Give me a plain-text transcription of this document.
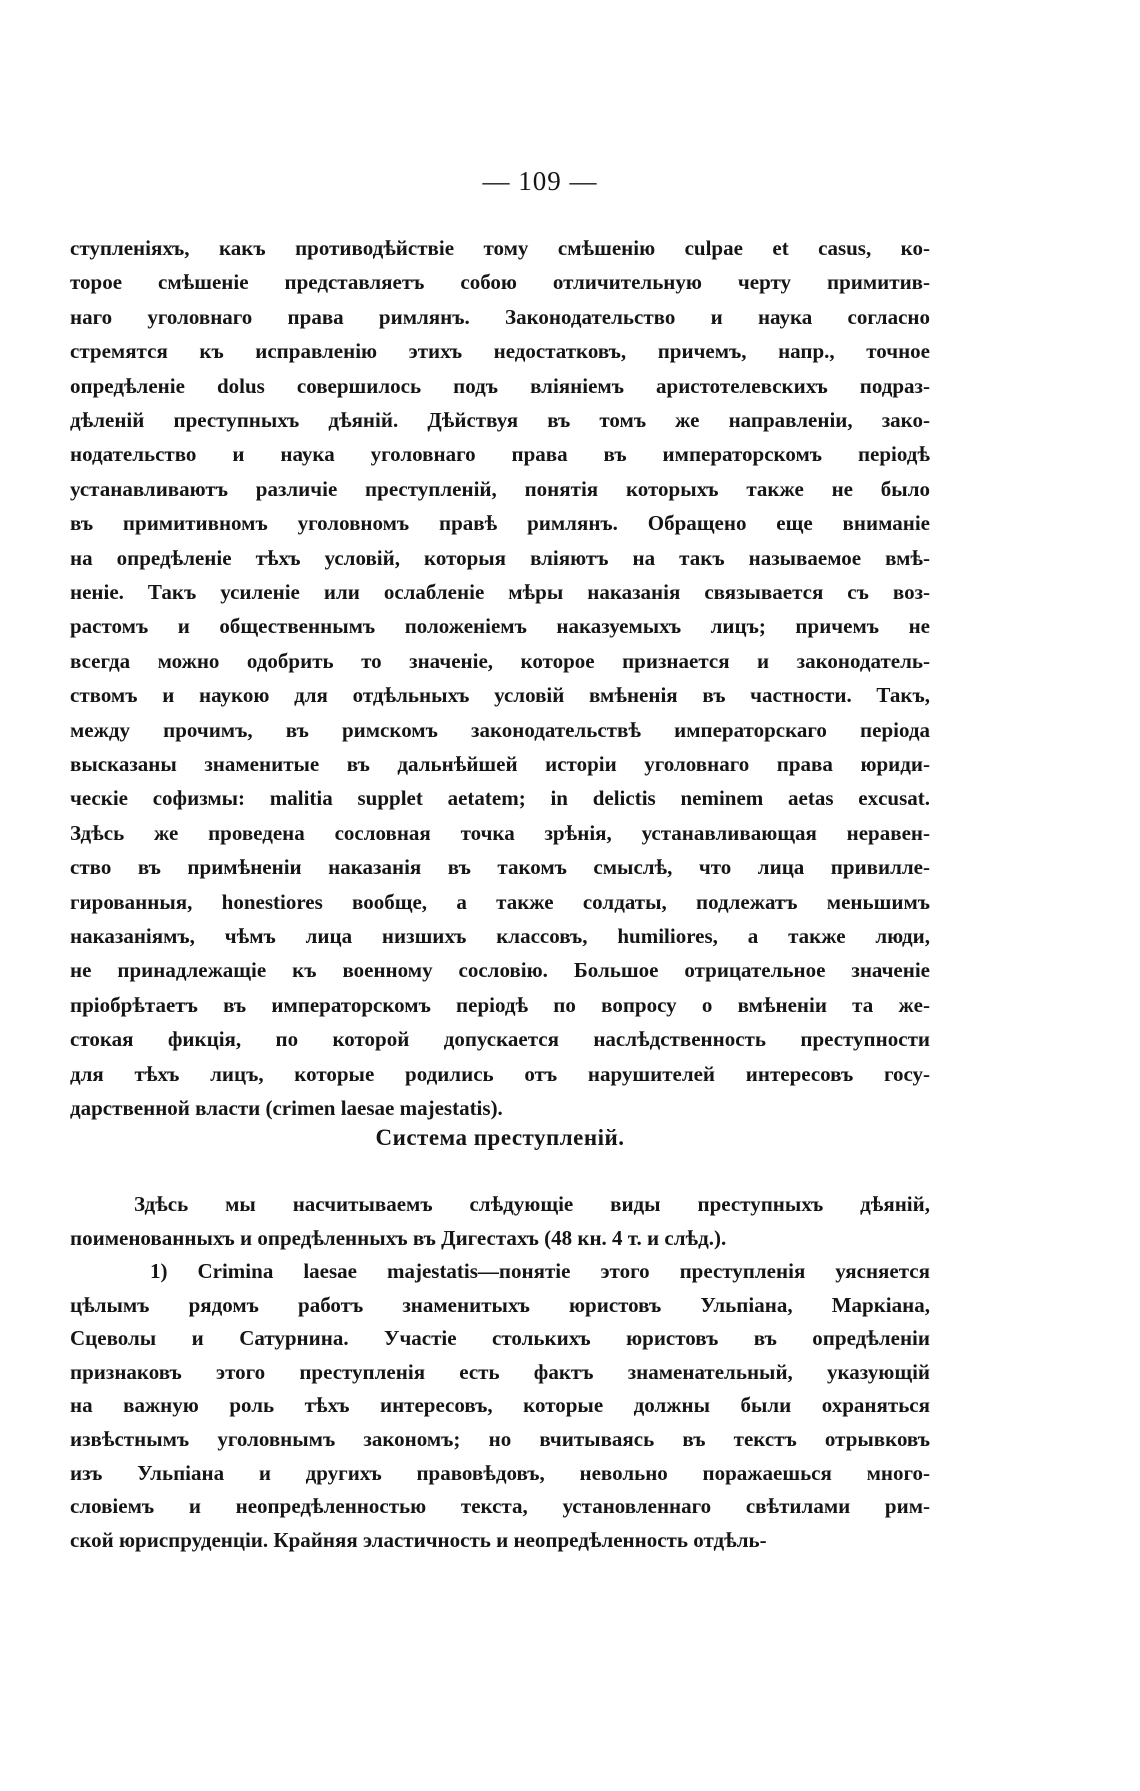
— 109 —
ступленіяхъ, какъ противодѣйствіе тому смѣшенію culpae et casus, ко-
торое смѣшеніе представляетъ собою отличительную черту примитив-
наго уголовнаго права римлянъ. Законодательство и наука согласно
стремятся къ исправленію этихъ недостатковъ, причемъ, напр., точное
опредѣленіе dolus совершилось подъ вліяніемъ аристотелевскихъ подраз-
дѣленій преступныхъ дѣяній. Дѣйствуя въ томъ же направленіи, зако-
нодательство и наука уголовнаго права въ императорскомъ періодѣ
устанавливаютъ различіе преступленій, понятія которыхъ также не было
въ примитивномъ уголовномъ правѣ римлянъ. Обращено еще вниманіе
на опредѣленіе тѣхъ условій, которыя вліяютъ на такъ называемое вмѣ-
неніе. Такъ усиленіе или ослабленіе мѣры наказанія связывается съ воз-
растомъ и общественнымъ положеніемъ наказуемыхъ лицъ; причемъ не
всегда можно одобрить то значеніе, которое признается и законодатель-
ствомъ и наукою для отдѣльныхъ условій вмѣненія въ частности. Такъ,
между прочимъ, въ римскомъ законодательствѣ императорскаго періода
высказаны знаменитые въ дальнѣйшей исторіи уголовнаго права юриди-
ческіе софизмы: malitia supplet aetatem; in delictis neminem aetas excusat.
Здѣсь же проведена сословная точка зрѣнія, устанавливающая неравен-
ство въ примѣненіи наказанія въ такомъ смыслѣ, что лица привилле-
гированныя, honestiores вообще, а также солдаты, подлежатъ меньшимъ
наказаніямъ, чѣмъ лица низшихъ классовъ, humiliores, а также люди,
не принадлежащіе къ военному сословію. Большое отрицательное значеніе
пріобрѣтаетъ въ императорскомъ періодѣ по вопросу о вмѣненіи та жe-
стокая фикція, по которой допускается наслѣдственность преступности
для тѣхъ лицъ, которые родились отъ нарушителей интересовъ госу-
дарственной власти (crimen laesae majestatis).
Система преступленій.
Здѣсь мы насчитываемъ слѣдующіе виды преступныхъ дѣяній,
поименованныхъ и опредѣленныхъ въ Дигестахъ (48 кн. 4 т. и слѣд.).
1) Crimina laesae majestatis—понятіе этого преступленія уясняется
цѣлымъ рядомъ работъ знаменитыхъ юристовъ Ульпіана, Маркіана,
Сцеволы и Сатурнина. Участіе столькихъ юристовъ въ опредѣленіи
признаковъ этого преступленія есть фактъ знаменательный, указующій
на важную роль тѣхъ интересовъ, которые должны были охраняться
извѣстнымъ уголовнымъ закономъ; но вчитываясь въ текстъ отрывковъ
изъ Ульпіана и другихъ правовѣдовъ, невольно поражаешься много-
словіемъ и неопредѣленностью текста, установленнаго свѣтилами рим-
ской юриспруденціи. Крайняя эластичность и неопредѣленность отдѣль-
